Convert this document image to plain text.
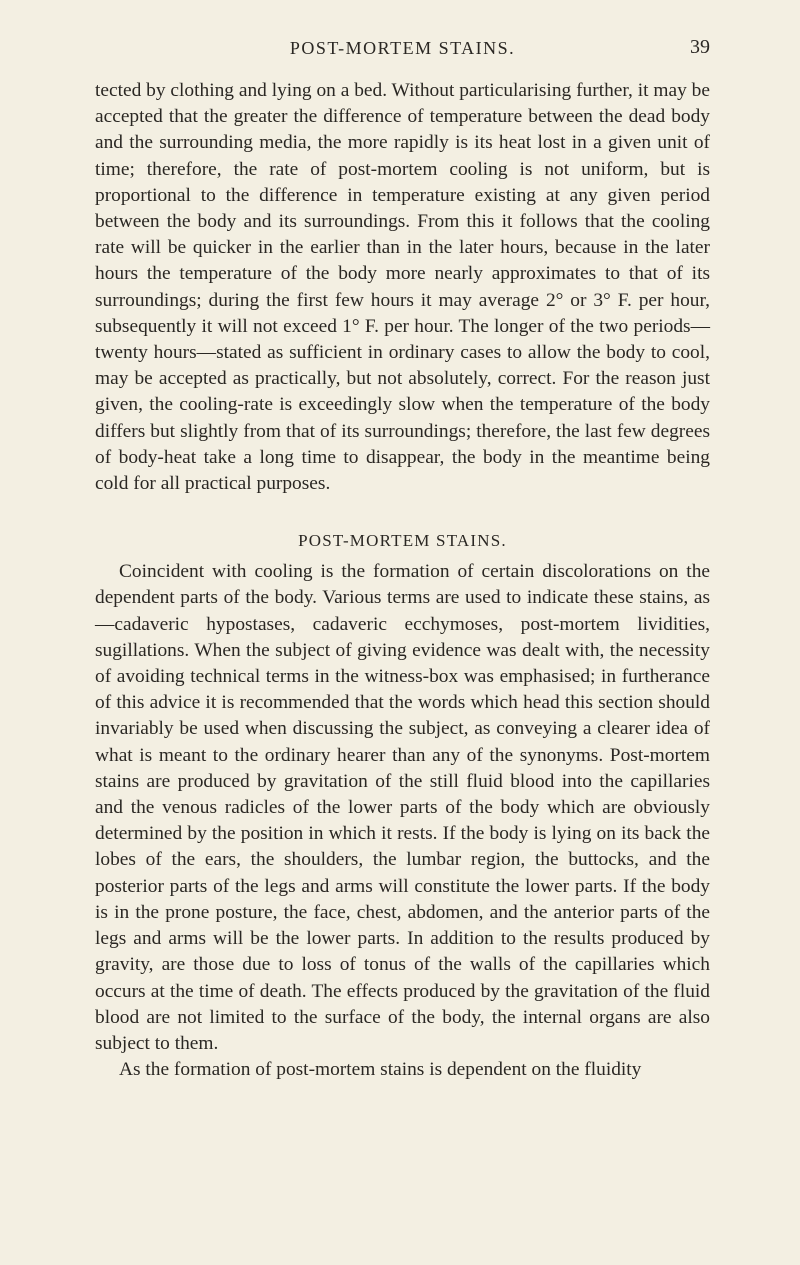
POST-MORTEM STAINS.	39

tected by clothing and lying on a bed. Without particularising further, it may be accepted that the greater the difference of temperature between the dead body and the surrounding media, the more rapidly is its heat lost in a given unit of time; therefore, the rate of post-mortem cooling is not uniform, but is proportional to the difference in temperature existing at any given period between the body and its surroundings. From this it follows that the cooling rate will be quicker in the earlier than in the later hours, because in the later hours the temperature of the body more nearly approximates to that of its surroundings; during the first few hours it may average 2° or 3° F. per hour, subsequently it will not exceed 1° F. per hour. The longer of the two periods—twenty hours—stated as sufficient in ordinary cases to allow the body to cool, may be accepted as practically, but not absolutely, correct. For the reason just given, the cooling-rate is exceedingly slow when the temperature of the body differs but slightly from that of its surroundings; therefore, the last few degrees of body-heat take a long time to disappear, the body in the meantime being cold for all practical purposes.

POST-MORTEM STAINS.

Coincident with cooling is the formation of certain discolorations on the dependent parts of the body. Various terms are used to indicate these stains, as—cadaveric hypostases, cadaveric ecchymoses, post-mortem lividities, sugillations. When the subject of giving evidence was dealt with, the necessity of avoiding technical terms in the witness-box was emphasised; in furtherance of this advice it is recommended that the words which head this section should invariably be used when discussing the subject, as conveying a clearer idea of what is meant to the ordinary hearer than any of the synonyms. Post-mortem stains are produced by gravitation of the still fluid blood into the capillaries and the venous radicles of the lower parts of the body which are obviously determined by the position in which it rests. If the body is lying on its back the lobes of the ears, the shoulders, the lumbar region, the buttocks, and the posterior parts of the legs and arms will constitute the lower parts. If the body is in the prone posture, the face, chest, abdomen, and the anterior parts of the legs and arms will be the lower parts. In addition to the results produced by gravity, are those due to loss of tonus of the walls of the capillaries which occurs at the time of death. The effects produced by the gravitation of the fluid blood are not limited to the surface of the body, the internal organs are also subject to them.

As the formation of post-mortem stains is dependent on the fluidity
